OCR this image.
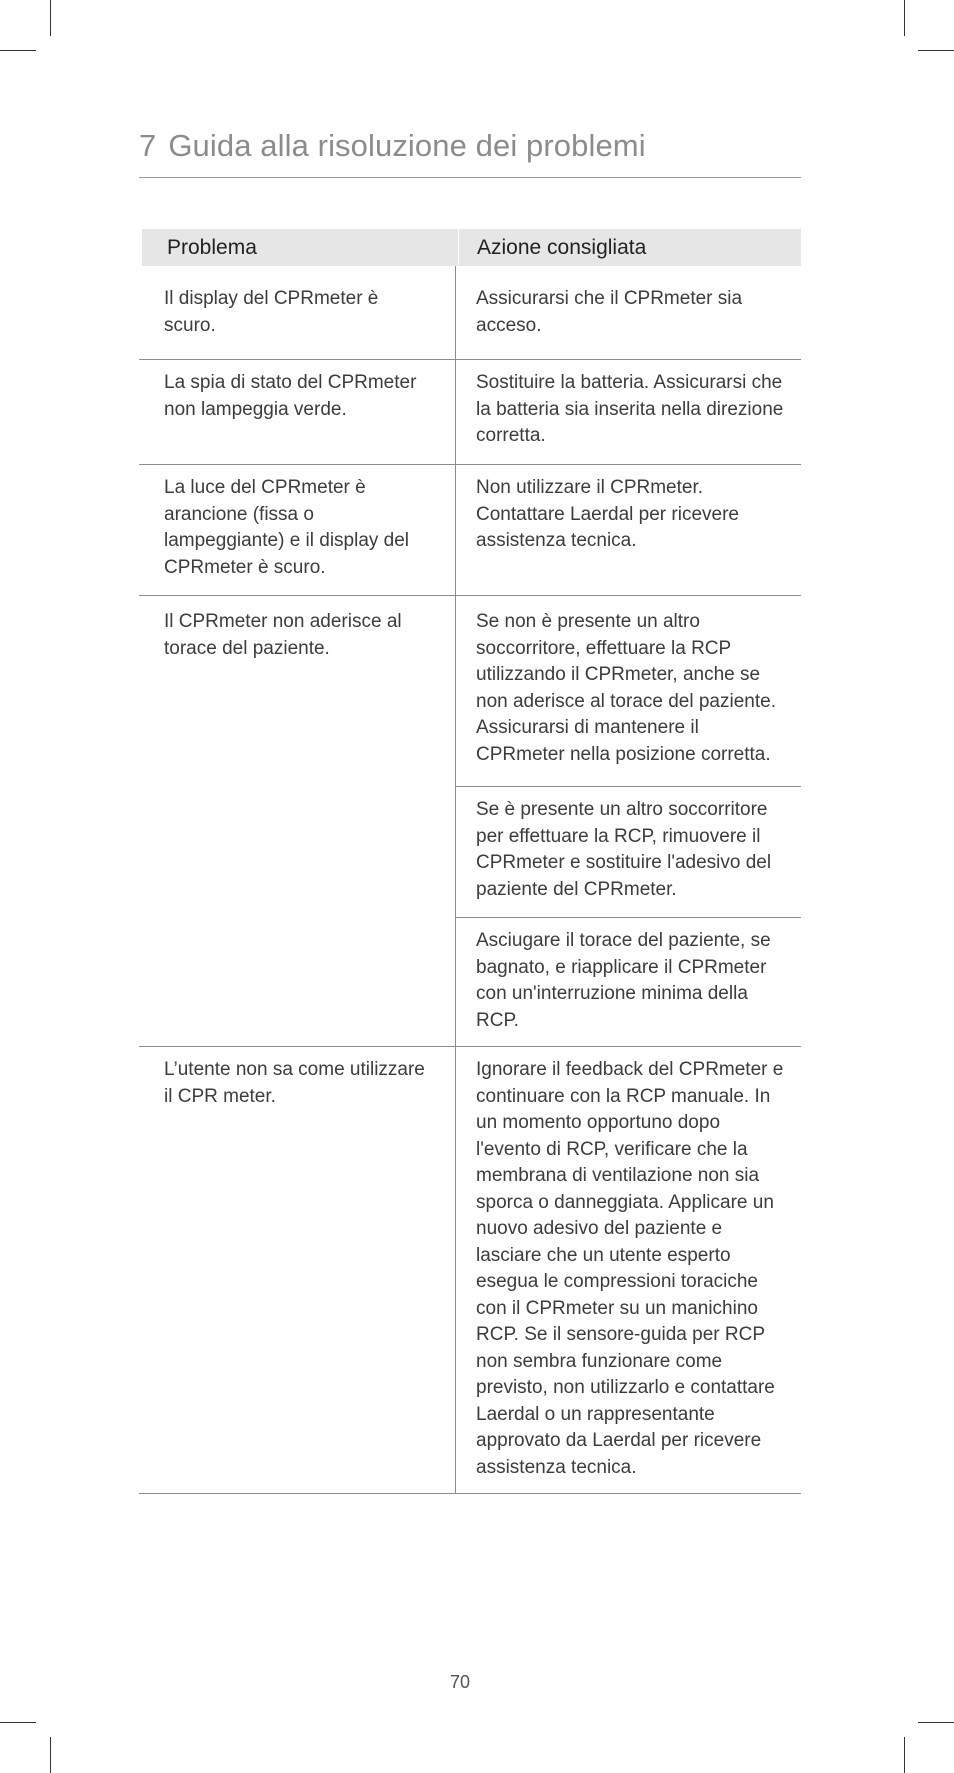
7 Guida alla risoluzione dei problemi
Problema	Azione consigliata
Il display del CPRmeter è scuro.
Assicurarsi che il CPRmeter sia acceso.
La spia di stato del CPRmeter non lampeggia verde.
Sostituire la batteria. Assicurarsi che la batteria sia inserita nella direzione corretta.
La luce del CPRmeter è arancione (fissa o lampeggiante) e il display del CPRmeter è scuro.
Non utilizzare il CPRmeter. Contattare Laerdal per ricevere assistenza tecnica.
Il CPRmeter non aderisce al torace del paziente.
Se non è presente un altro soccorritore, effettuare la RCP utilizzando il CPRmeter, anche se non aderisce al torace del paziente. Assicurarsi di mantenere il CPRmeter nella posizione corretta.
Se è presente un altro soccorritore per effettuare la RCP, rimuovere il CPRmeter e sostituire l'adesivo del paziente del CPRmeter.
Asciugare il torace del paziente, se bagnato, e riapplicare il CPRmeter con un'interruzione minima della RCP.
L’utente non sa come utilizzare il CPR meter.
Ignorare il feedback del CPRmeter e continuare con la RCP manuale. In un momento opportuno dopo l'evento di RCP, verificare che la membrana di ventilazione non sia sporca o danneggiata. Applicare un nuovo adesivo del paziente e lasciare che un utente esperto esegua le compressioni toraciche con il CPRmeter su un manichino RCP. Se il sensore-guida per RCP non sembra funzionare come previsto, non utilizzarlo e contattare Laerdal o un rappresentante approvato da Laerdal per ricevere assistenza tecnica.
70
